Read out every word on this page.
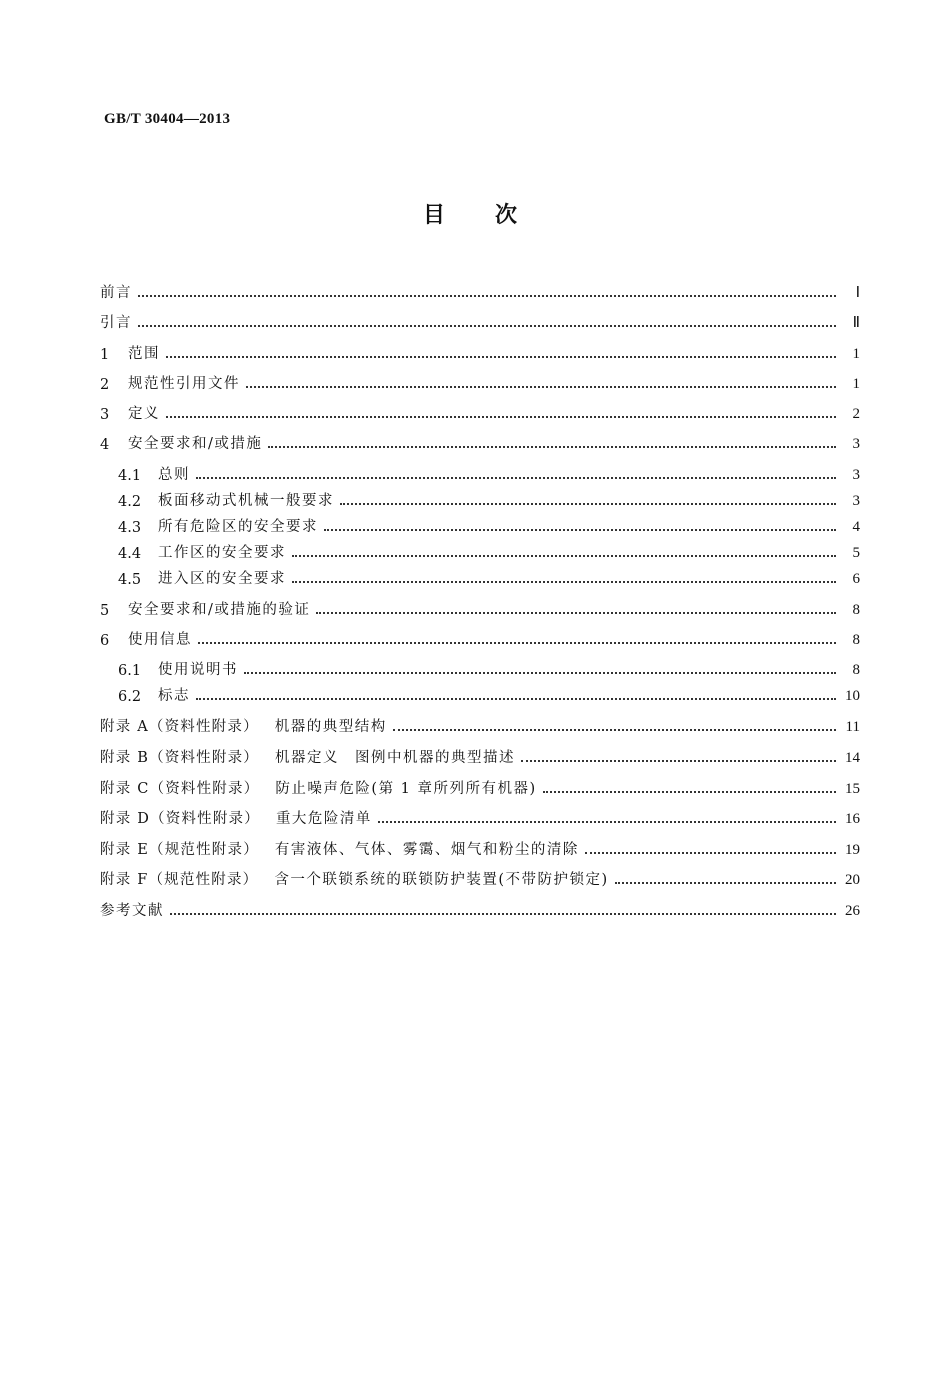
GB/T 30404—2013
目次
前言	Ⅰ
引言	Ⅱ
1	范围	1
2	规范性引用文件	1
3	定义	2
4	安全要求和/或措施	3
4.1	总则	3
4.2	板面移动式机械一般要求	3
4.3	所有危险区的安全要求	4
4.4	工作区的安全要求	5
4.5	进入区的安全要求	6
5	安全要求和/或措施的验证	8
6	使用信息	8
6.1	使用说明书	8
6.2	标志	10
附录 A（资料性附录） 机器的典型结构	11
附录 B（资料性附录） 机器定义　图例中机器的典型描述	14
附录 C（资料性附录） 防止噪声危险(第 1 章所列所有机器)	15
附录 D（资料性附录） 重大危险清单	16
附录 E（规范性附录） 有害液体、气体、雾霭、烟气和粉尘的清除	19
附录 F（规范性附录） 含一个联锁系统的联锁防护装置(不带防护锁定)	20
参考文献	26
